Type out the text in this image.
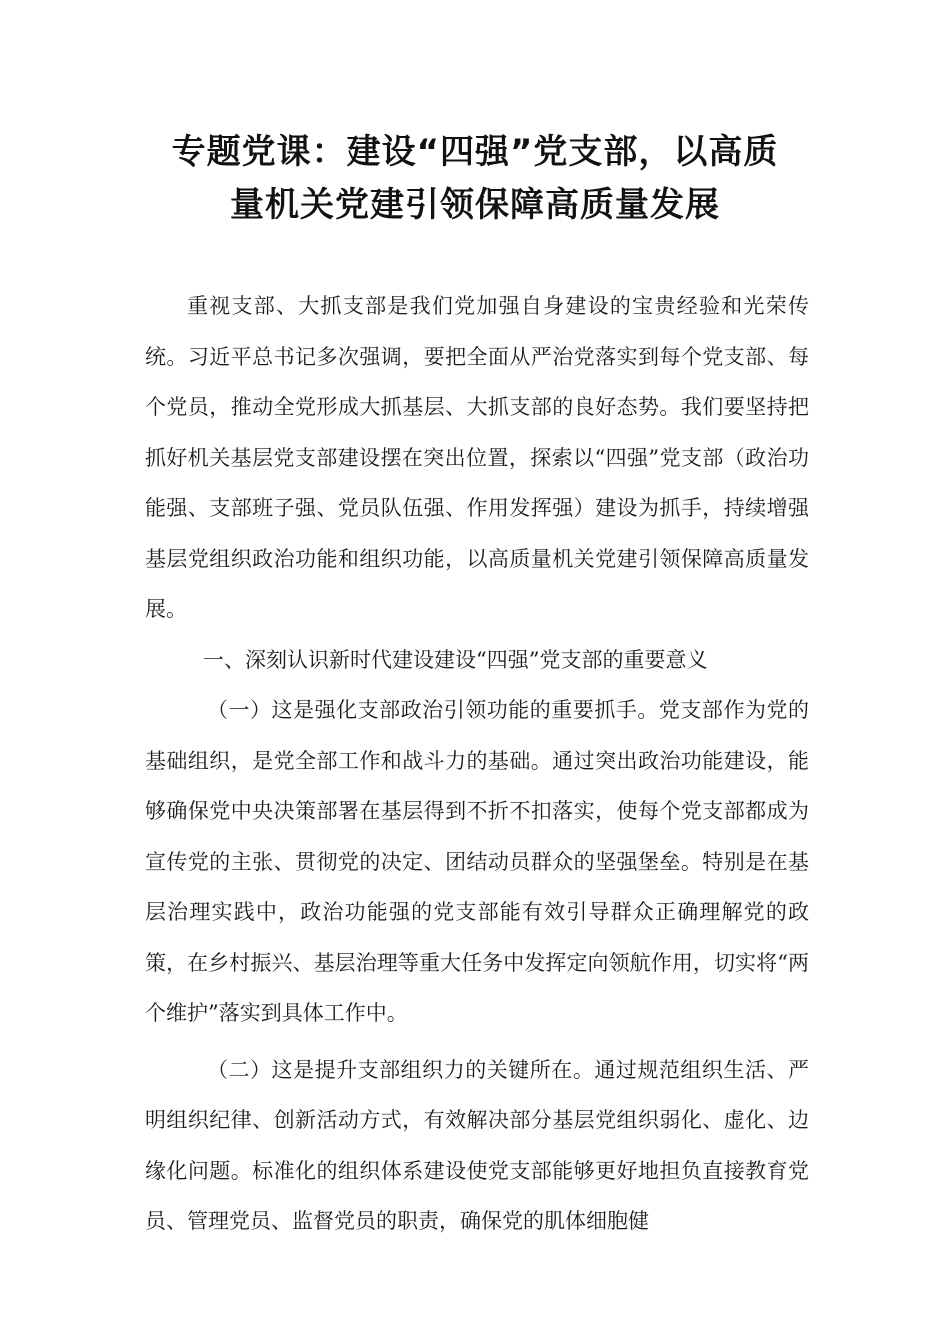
专题党课：建设“四强”党支部，以高质
量机关党建引领保障高质量发展

重视支部、大抓支部是我们党加强自身建设的宝贵经验和光荣传统。习近平总书记多次强调，要把全面从严治党落实到每个党支部、每个党员，推动全党形成大抓基层、大抓支部的良好态势。我们要坚持把抓好机关基层党支部建设摆在突出位置，探索以“四强”党支部（政治功能强、支部班子强、党员队伍强、作用发挥强）建设为抓手，持续增强基层党组织政治功能和组织功能，以高质量机关党建引领保障高质量发展。

一、深刻认识新时代建设建设“四强”党支部的重要意义

（一）这是强化支部政治引领功能的重要抓手。党支部作为党的基础组织，是党全部工作和战斗力的基础。通过突出政治功能建设，能够确保党中央决策部署在基层得到不折不扣落实，使每个党支部都成为宣传党的主张、贯彻党的决定、团结动员群众的坚强堡垒。特别是在基层治理实践中，政治功能强的党支部能有效引导群众正确理解党的政策，在乡村振兴、基层治理等重大任务中发挥定向领航作用，切实将“两个维护”落实到具体工作中。

（二）这是提升支部组织力的关键所在。通过规范组织生活、严明组织纪律、创新活动方式，有效解决部分基层党组织弱化、虚化、边缘化问题。标准化的组织体系建设使党支部能够更好地担负直接教育党员、管理党员、监督党员的职责，确保党的肌体细胞健
